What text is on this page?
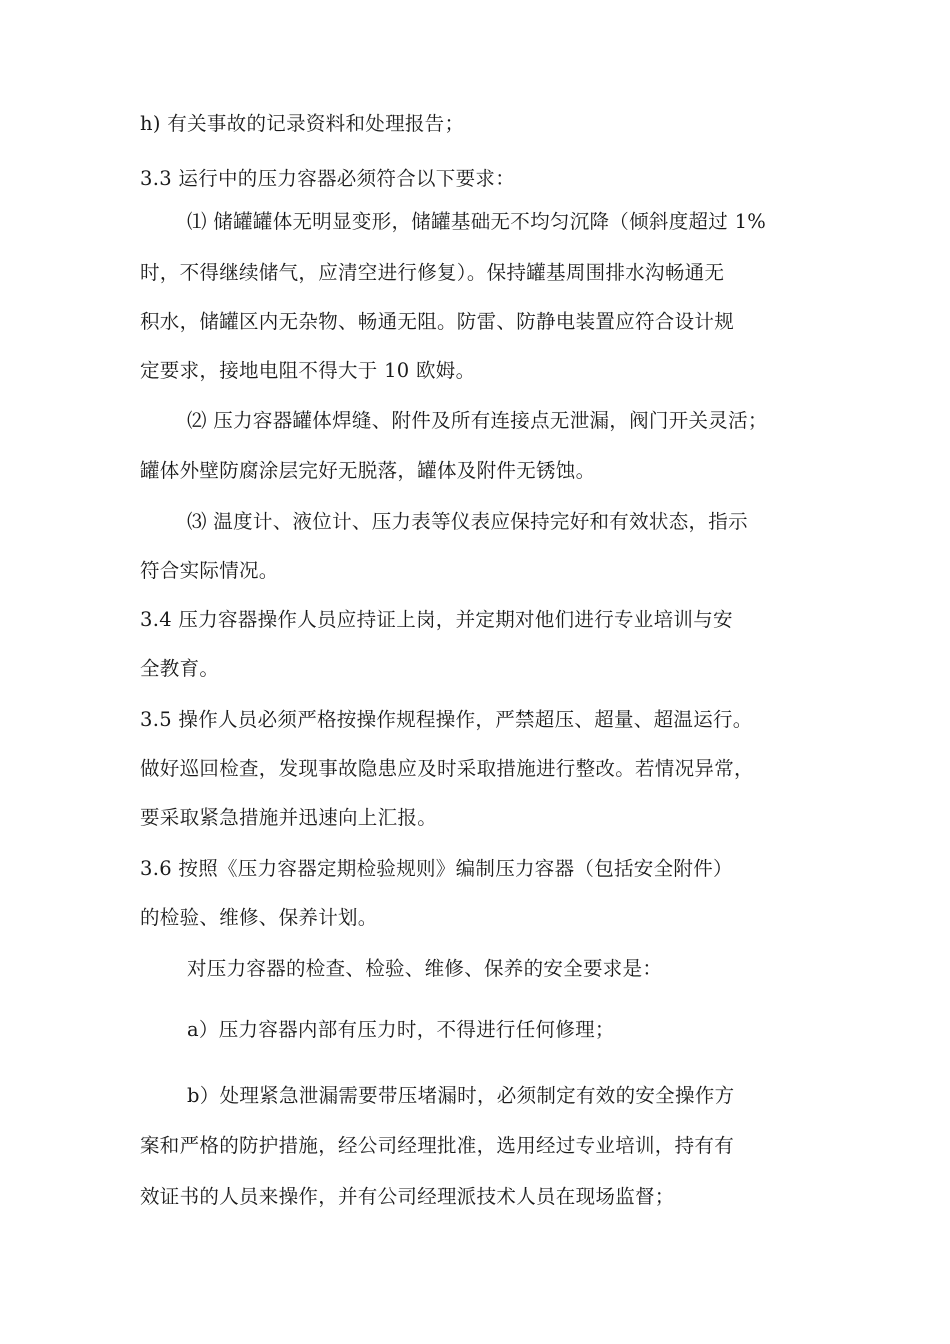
h) 有关事故的记录资料和处理报告；
3.3 运行中的压力容器必须符合以下要求：
⑴ 储罐罐体无明显变形，储罐基础无不均匀沉降（倾斜度超过 1%
时，不得继续储气，应清空进行修复）。保持罐基周围排水沟畅通无
积水，储罐区内无杂物、畅通无阻。防雷、防静电装置应符合设计规
定要求，接地电阻不得大于 10 欧姆。
⑵ 压力容器罐体焊缝、附件及所有连接点无泄漏，阀门开关灵活；
罐体外壁防腐涂层完好无脱落，罐体及附件无锈蚀。
⑶ 温度计、液位计、压力表等仪表应保持完好和有效状态，指示
符合实际情况。
3.4 压力容器操作人员应持证上岗，并定期对他们进行专业培训与安
全教育。
3.5 操作人员必须严格按操作规程操作，严禁超压、超量、超温运行。
做好巡回检查，发现事故隐患应及时采取措施进行整改。若情况异常，
要采取紧急措施并迅速向上汇报。
3.6 按照《压力容器定期检验规则》编制压力容器（包括安全附件）
的检验、维修、保养计划。
对压力容器的检查、检验、维修、保养的安全要求是：
a）压力容器内部有压力时，不得进行任何修理；
b）处理紧急泄漏需要带压堵漏时，必须制定有效的安全操作方
案和严格的防护措施，经公司经理批准，选用经过专业培训，持有有
效证书的人员来操作，并有公司经理派技术人员在现场监督；
